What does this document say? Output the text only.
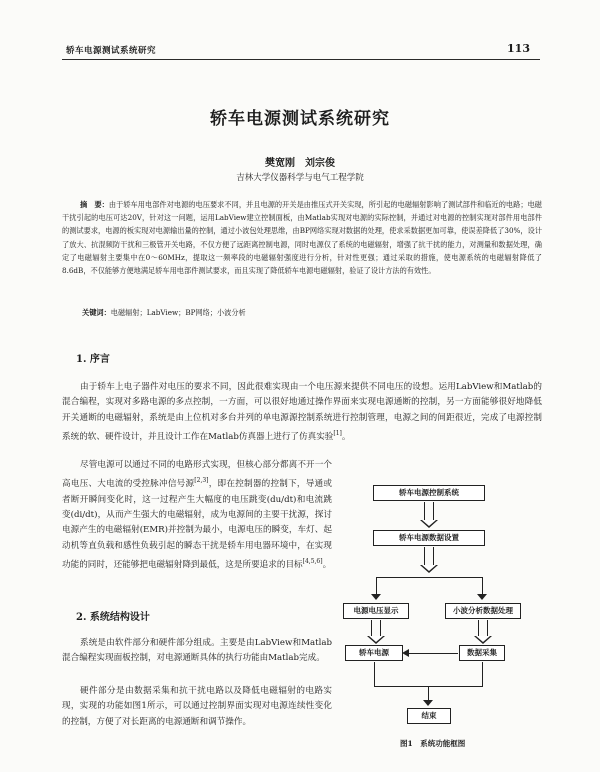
轿车电源测试系统研究	113
轿车电源测试系统研究
樊宽刚　刘宗俊
吉林大学仪器科学与电气工程学院
摘　要：由于轿车用电部件对电源的电压要求不同，并且电源的开关是由推压式开关实现，所引起的电磁辐射影响了测试部件和临近的电路；电磁干扰引起的电压可达20V，针对这一问题，运用LabView建立控制面板，由Matlab实现对电源的实际控制，并通过对电源的控制实现对部件用电部件的测试要求，电源的板实现对电源输出量的控制，通过小波包处理思维，由BP网络实现对数据的处理，使求采数据更加可靠，使误差降低了30%，设计了放大、抗混频防干扰和三极管开关电路，不仅方便了远距离控制电源，同时电源仅了系统的电磁辐射，增强了抗干扰的能力，对测量和数据处理，确定了电磁辐射主要集中在0～60MHz，提取这一频率段的电磁辐射强度进行分析，针对性更强；通过采取的措施，使电源系统的电磁辐射降低了8.6dB，不仅能够方便地满足轿车用电部件测试要求，而且实现了降低轿车电源电磁辐射，验证了设计方法的有效性。
关键词：电磁辐射；LabView；BP网络；小波分析
1. 序言
由于轿车上电子器件对电压的要求不同，因此很难实现由一个电压源来提供不同电压的设想。运用LabView和Matlab的混合编程，实现对多路电源的多点控制，一方面，可以很好地通过操作界面来实现电源通断的控制，另一方面能够很好地降低开关通断的电磁辐射，系统是由上位机对多台并列的单电源源控制系统进行控制管理，电源之间的间距很近，完成了电源控制系统的软、硬件设计，并且设计工作在Matlab仿真器上进行了仿真实验[1]。
尽管电源可以通过不同的电路形式实现，但核心部分都离不开一个高电压、大电流的受控脉冲信号源[2,3]，即在控制器的控制下，导通或者断开瞬间变化时，这一过程产生大幅度的电压跳变(du/dt)和电流跳变(di/dt)，从而产生强大的电磁辐射，成为电源间的主要干扰源，探讨电源产生的电磁辐射(EMR)并控制为最小，电源电压的瞬变，车灯、起动机等直负载和感性负载引起的瞬态干扰是轿车用电器环境中，在实现功能的同时，还能够把电磁辐射降到最低，这是所要追求的目标[4,5,6]。
2. 系统结构设计
系统是由软件部分和硬件部分组成。主要是由LabView和Matlab混合编程实现面板控制，对电源通断具体的执行功能由Matlab完成。
硬件部分是由数据采集和抗干扰电路以及降低电磁辐射的电路实现，实现的功能如图1所示，可以通过控制界面实现对电源连续性变化的控制，方便了对长距离的电源通断和调节操作。
轿车电源控制系统
轿车电源数据设置
电源电压显示	小波分析数据处理
轿车电源	数据采集
结束
图1　系统功能框图
